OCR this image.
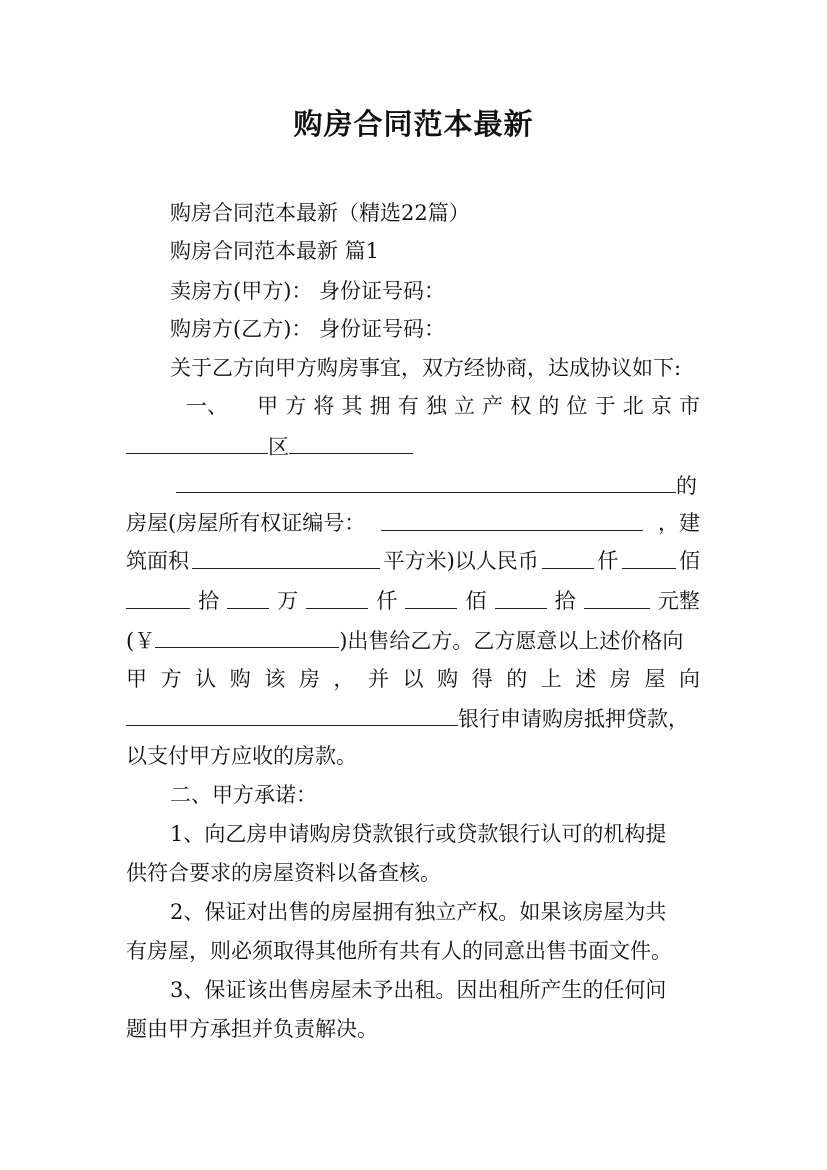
购房合同范本最新
购房合同范本最新（精选22篇）
购房合同范本最新 篇1
卖房方(甲方)： 身份证号码：
购房方(乙方)： 身份证号码：
关于乙方向甲方购房事宜，双方经协商，达成协议如下:
一、 甲 方 将 其 拥 有 独 立 产 权 的 位 于 北 京 市
区
的
房屋(房屋所有权证编号：	，建
筑面积	平方米)以人民币	仟	佰
拾	万	仟	佰	拾	元整
(￥	)出售给乙方。乙方愿意以上述价格向
甲 方 认 购 该 房 ， 并 以 购 得 的 上 述 房 屋 向
银行申请购房抵押贷款，
以支付甲方应收的房款。
二、甲方承诺：
1、向乙房申请购房贷款银行或贷款银行认可的机构提
供符合要求的房屋资料以备查核。
2、保证对出售的房屋拥有独立产权。如果该房屋为共
有房屋，则必须取得其他所有共有人的同意出售书面文件。
3、保证该出售房屋未予出租。因出租所产生的任何问
题由甲方承担并负责解决。
